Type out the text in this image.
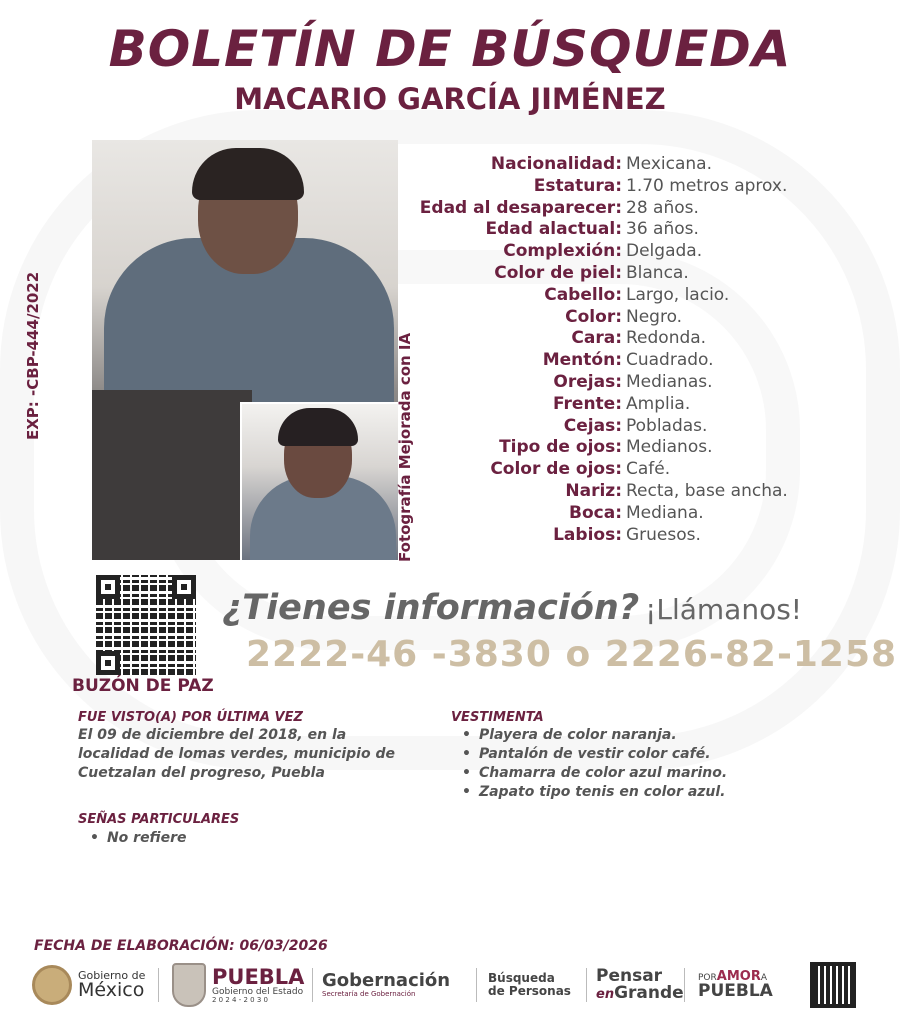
BOLETÍN DE BÚSQUEDA
MACARIO GARCÍA JIMÉNEZ
EXP: -CBP-444/2022	Fotografía Mejorada con IA
Nacionalidad: Mexicana.
Estatura: 1.70 metros aprox.
Edad al desaparecer: 28 años.
Edad alactual: 36 años.
Complexión: Delgada.
Color de piel: Blanca.
Cabello: Largo, lacio.
Color: Negro.
Cara: Redonda.
Mentón: Cuadrado.
Orejas: Medianas.
Frente: Amplia.
Cejas: Pobladas.
Tipo de ojos: Medianos.
Color de ojos: Café.
Nariz: Recta, base ancha.
Boca: Mediana.
Labios: Gruesos.
BUZÓN DE PAZ
¿Tienes información? ¡Llámanos!
2222-46 -3830 o 2226-82-1258
FUE VISTO(A) POR ÚLTIMA VEZ
El 09 de diciembre del 2018, en la
localidad de lomas verdes, municipio de
Cuetzalan del progreso, Puebla
VESTIMENTA
• Playera de color naranja.
• Pantalón de vestir color café.
• Chamarra de color azul marino.
• Zapato tipo tenis en color azul.
SEÑAS PARTICULARES
• No refiere
FECHA DE ELABORACIÓN: 06/03/2026
Gobierno de
México
PUEBLA
Gobierno del Estado
2 0 2 4 - 2 0 3 0
Gobernación
Secretaría de Gobernación
Búsqueda
de Personas
Pensar
enGrande
PORAMORA
PUEBLA
